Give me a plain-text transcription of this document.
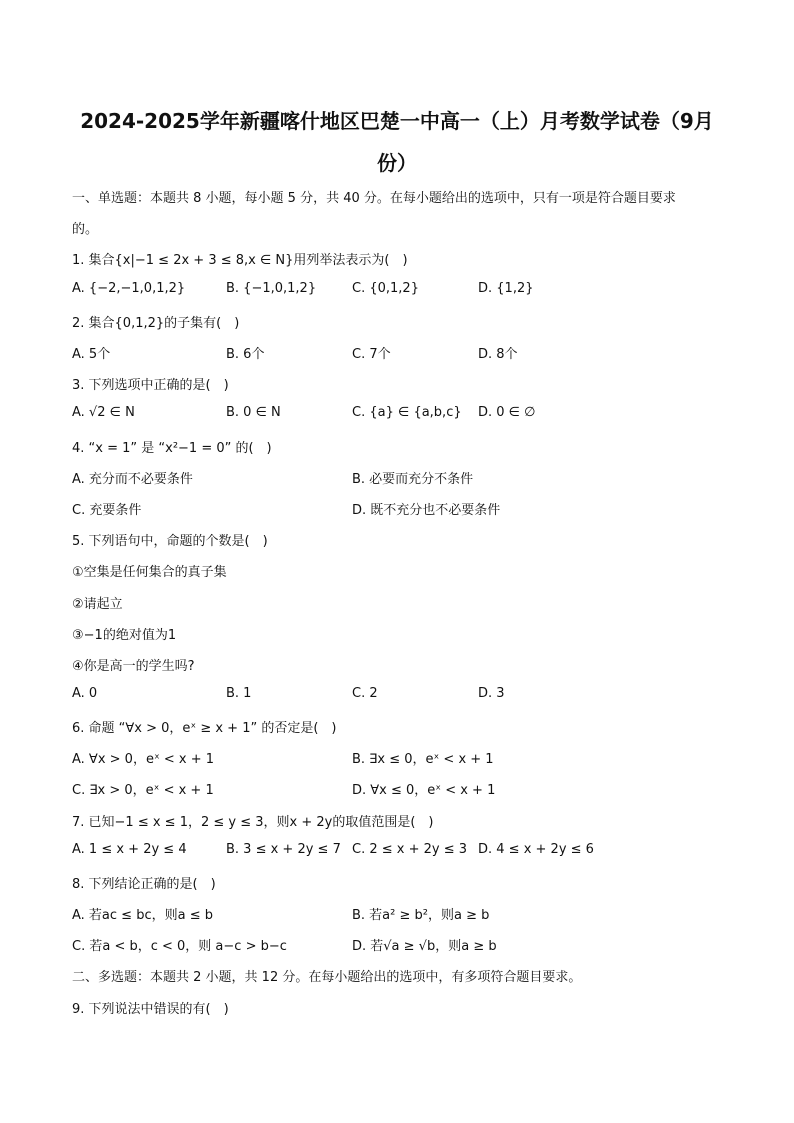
2024-2025学年新疆喀什地区巴楚一中高一（上）月考数学试卷（9月
份）
一、单选题：本题共 8 小题，每小题 5 分，共 40 分。在每小题给出的选项中，只有一项是符合题目要求
的。
1. 集合{x|−1 ≤ 2x + 3 ≤ 8,x ∈ N}用列举法表示为(　)
A. {−2,−1,0,1,2}	B. {−1,0,1,2}	C. {0,1,2}	D. {1,2}
2. 集合{0,1,2}的子集有(　)
A. 5个	B. 6个	C. 7个	D. 8个
3. 下列选项中正确的是(　)
A. √2 ∈ N	B. 0 ∈ N	C. {a} ∈ {a,b,c} D. 0 ∈ ∅
4. “x = 1” 是 “x²−1 = 0” 的(　)
A. 充分而不必要条件	B. 必要而充分不条件
C. 充要条件	D. 既不充分也不必要条件
5. 下列语句中，命题的个数是(　)
①空集是任何集合的真子集
②请起立
③−1的绝对值为1
④你是高一的学生吗?
A. 0	B. 1	C. 2	D. 3
6. 命题 “∀x > 0，eˣ ≥ x + 1” 的否定是(　)
A. ∀x > 0，eˣ < x + 1	B. ∃x ≤ 0，eˣ < x + 1
C. ∃x > 0，eˣ < x + 1	D. ∀x ≤ 0，eˣ < x + 1
7. 已知−1 ≤ x ≤ 1，2 ≤ y ≤ 3，则x + 2y的取值范围是(　)
A. 1 ≤ x + 2y ≤ 4	B. 3 ≤ x + 2y ≤ 7 C. 2 ≤ x + 2y ≤ 3 D. 4 ≤ x + 2y ≤ 6
8. 下列结论正确的是(　)
A. 若ac ≤ bc，则a ≤ b	B. 若a² ≥ b²，则a ≥ b
C. 若a < b，c < 0，则 a−c > b−c	D. 若√a ≥ √b，则a ≥ b
二、多选题：本题共 2 小题，共 12 分。在每小题给出的选项中，有多项符合题目要求。
9. 下列说法中错误的有(　)
